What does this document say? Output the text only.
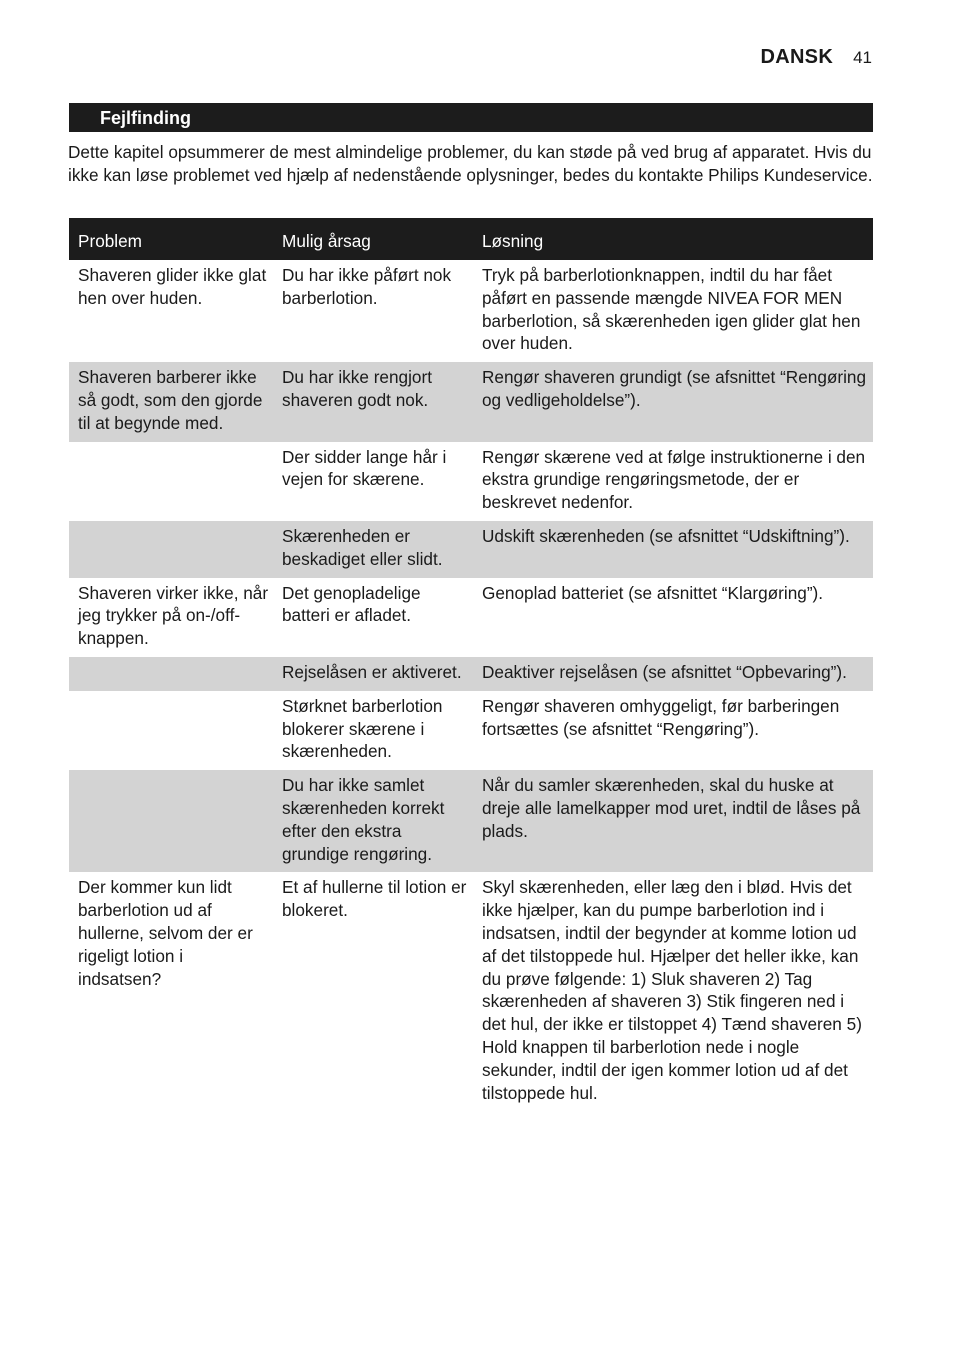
DANSK 41
Fejlfinding

Dette kapitel opsummerer de mest almindelige problemer, du kan støde på ved brug af apparatet. Hvis du ikke kan løse problemet ved hjælp af nedenstående oplysninger, bedes du kontakte Philips Kundeservice.

Problem	Mulig årsag	Løsning
Shaveren glider ikke glat hen over huden.	Du har ikke påført nok barberlotion.	Tryk på barberlotionknappen, indtil du har fået påført en passende mængde NIVEA FOR MEN barberlotion, så skærenheden igen glider glat hen over huden.
Shaveren barberer ikke så godt, som den gjorde til at begynde med.	Du har ikke rengjort shaveren godt nok.	Rengør shaveren grundigt (se afsnittet “Rengøring og vedligeholdelse”).
	Der sidder lange hår i vejen for skærene.	Rengør skærene ved at følge instruktionerne i den ekstra grundige rengøringsmetode, der er beskrevet nedenfor.
	Skærenheden er beskadiget eller slidt.	Udskift skærenheden (se afsnittet “Udskiftning”).
Shaveren virker ikke, når jeg trykker på on-/off-knappen.	Det genopladelige batteri er afladet.	Genoplad batteriet (se afsnittet “Klargøring”).
	Rejselåsen er aktiveret.	Deaktiver rejselåsen (se afsnittet “Opbevaring”).
	Størknet barberlotion blokerer skærene i skærenheden.	Rengør shaveren omhyggeligt, før barberingen fortsættes (se afsnittet “Rengøring”).
	Du har ikke samlet skærenheden korrekt efter den ekstra grundige rengøring.	Når du samler skærenheden, skal du huske at dreje alle lamelkapper mod uret, indtil de låses på plads.
Der kommer kun lidt barberlotion ud af hullerne, selvom der er rigeligt lotion i indsatsen?	Et af hullerne til lotion er blokeret.	Skyl skærenheden, eller læg den i blød. Hvis det ikke hjælper, kan du pumpe barberlotion ind i indsatsen, indtil der begynder at komme lotion ud af det tilstoppede hul. Hjælper det heller ikke, kan du prøve følgende: 1) Sluk shaveren 2) Tag skærenheden af shaveren 3) Stik fingeren ned i det hul, der ikke er tilstoppet 4) Tænd shaveren 5) Hold knappen til barberlotion nede i nogle sekunder, indtil der igen kommer lotion ud af det tilstoppede hul.
